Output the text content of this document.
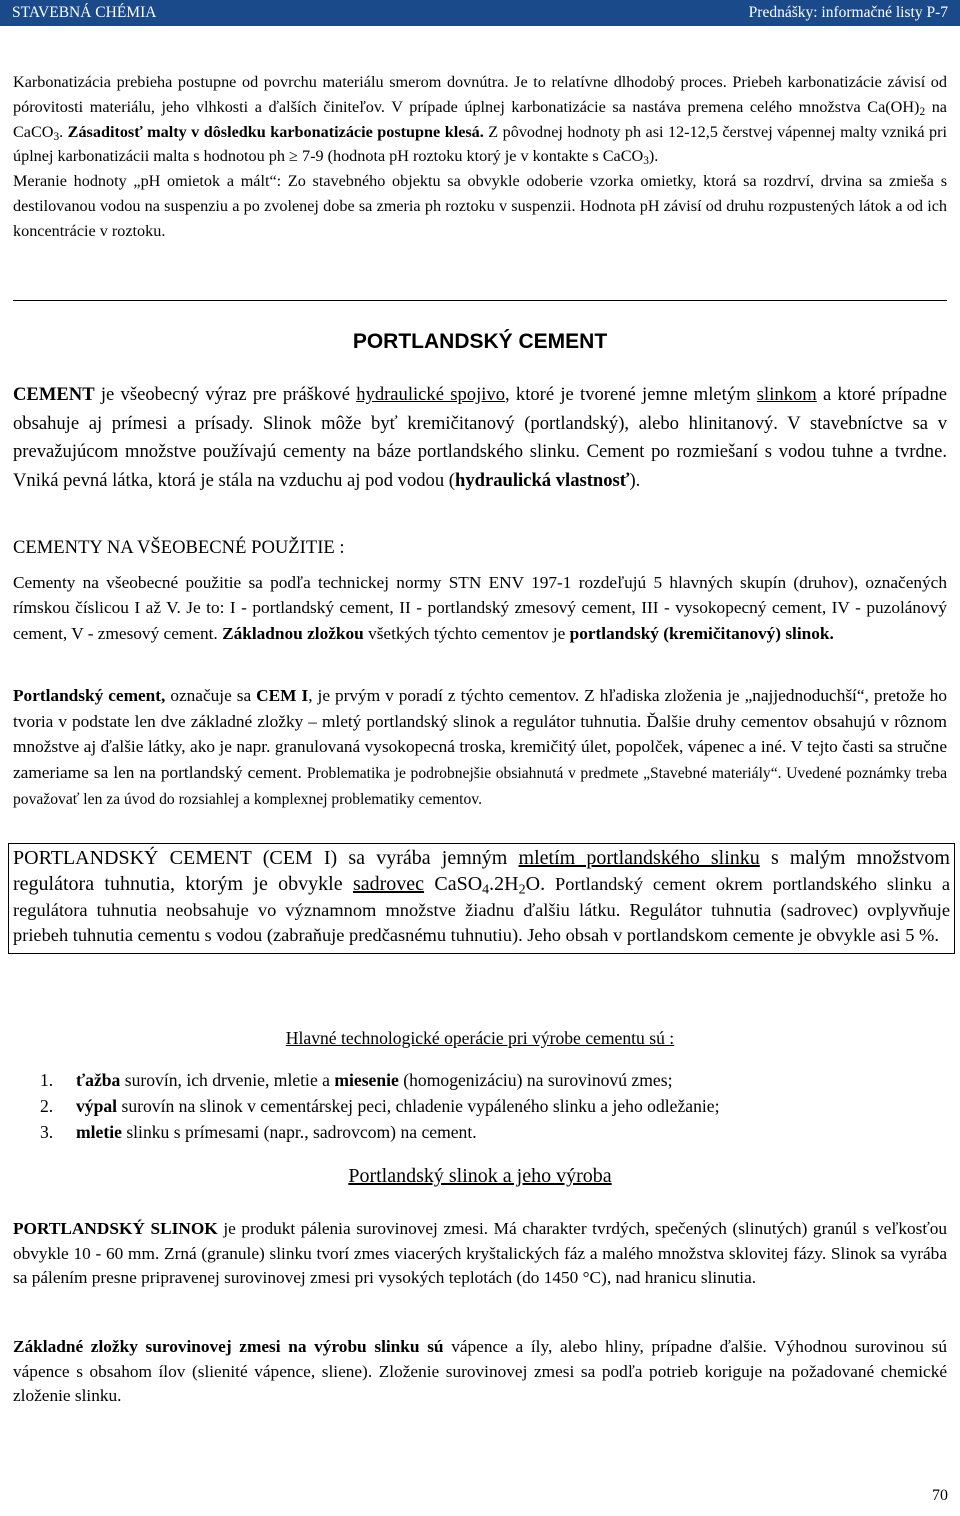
STAVEBNÁ CHÉMIA	Prednášky: informačné listy P-7

Karbonatizácia prebieha postupne od povrchu materiálu smerom dovnútra. Je to relatívne dlhodobý proces. Priebeh karbonatizácie závisí od pórovitosti materiálu, jeho vlhkosti a ďalších činiteľov. V prípade úplnej karbonatizácie sa nastáva premena celého množstva $Ca(OH)_2$ na CaCO$_3$. Zásaditosť malty v dôsledku karbonatizácie postupne klesá. Z pôvodnej hodnoty ph asi 12-12,5 čerstvej vápennej malty vzniká pri úplnej karbonatizácii malta s hodnotou ph ≥ 7-9 (hodnota pH roztoku ktorý je v kontakte s CaCO$_3$).

Meranie hodnoty „pH omietok a mált“: Zo stavebného objektu sa obvykle odoberie vzorka omietky, ktorá sa rozdrví, drvina sa zmieša s destilovanou vodou na suspenziu a po zvolenej dobe sa zmeria ph roztoku v suspenzii. Hodnota pH závisí od druhu rozpustených látok a od ich koncentrácie v roztoku.

PORTLANDSKÝ CEMENT
CEMENT je všeobecný výraz pre práškové hydraulické spojivo, ktoré je tvorené jemne mletým slinkom a ktoré prípadne obsahuje aj prímesi a prísady. Slinok môže byť kremičitanový (portlandský), alebo hlinitanový. V stavebníctve sa v prevažujúcom množstve používajú cementy na báze portlandského slinku. Cement po rozmiešaní s vodou tuhne a tvrdne. Vniká pevná látka, ktorá je stála na vzduchu aj pod vodou (hydraulická vlastnosť).
CEMENTY NA VŠEOBECNÉ POUŽITIE :
Cementy na všeobecné použitie sa podľa technickej normy STN ENV 197-1 rozdeľujú 5 hlavných skupín (druhov), označených rímskou číslicou I až V. Je to: I - portlandský cement, II - portlandský zmesový cement, III - vysokopecný cement, IV - puzolánový cement, V - zmesový cement. Základnou zložkou všetkých týchto cementov je portlandský (kremičitanový) slinok.
Portlandský cement, označuje sa CEM I, je prvým v poradí z týchto cementov. Z hľadiska zloženia je „najjednoduchší“, pretože ho tvoria v podstate len dve základné zložky – mletý portlandský slinok a regulátor tuhnutia. Ďalšie druhy cementov obsahujú v rôznom množstve aj ďalšie látky, ako je napr. granulovaná vysokopecná troska, kremičitý úlet, popolček, vápenec a iné. V tejto časti sa stručne zameriame sa len na portlandský cement. Problematika je podrobnejšie obsiahnutá v predmete „Stavebné materiály“. Uvedené poznámky treba považovať len za úvod do rozsiahlej a komplexnej problematiky cementov.
PORTLANDSKÝ CEMENT (CEM I) sa vyrába jemným mletím portlandského slinku s malým množstvom regulátora tuhnutia, ktorým je obvykle sadrovec $CaSO_4.2H_2O$. Portlandský cement okrem portlandského slinku a regulátora tuhnutia neobsahuje vo významnom množstve žiadnu ďalšiu látku. Regulátor tuhnutia (sadrovec) ovplyvňuje priebeh tuhnutia cementu s vodou (zabraňuje predčasnému tuhnutiu). Jeho obsah v portlandskom cemente je obvykle asi 5 %.
Hlavné technologické operácie pri výrobe cementu sú :
1.	ťažba surovín, ich drvenie, mletie a miesenie (homogenizáciu) na surovinovú zmes;
2.	výpal surovín na slinok v cementárskej peci, chladenie vypáleného slinku a jeho odležanie;
3.	mletie slinku s prímesami (napr., sadrovcom) na cement.
Portlandský slinok a jeho výroba
PORTLANDSKÝ SLINOK je produkt pálenia surovinovej zmesi. Má charakter tvrdých, spečených (slinutých) granúl s veľkosťou obvykle 10 - 60 mm. Zrná (granule) slinku tvorí zmes viacerých kryštalických fáz a malého množstva sklovitej fázy. Slinok sa vyrába sa pálením presne pripravenej surovinovej zmesi pri vysokých teplotách (do 1450 °C), nad hranicu slinutia.
Základné zložky surovinovej zmesi na výrobu slinku sú vápence a íly, alebo hliny, prípadne ďalšie. Výhodnou surovinou sú vápence s obsahom ílov (slienité vápence, sliene). Zloženie surovinovej zmesi sa podľa potrieb koriguje na požadované chemické zloženie slinku.
70
